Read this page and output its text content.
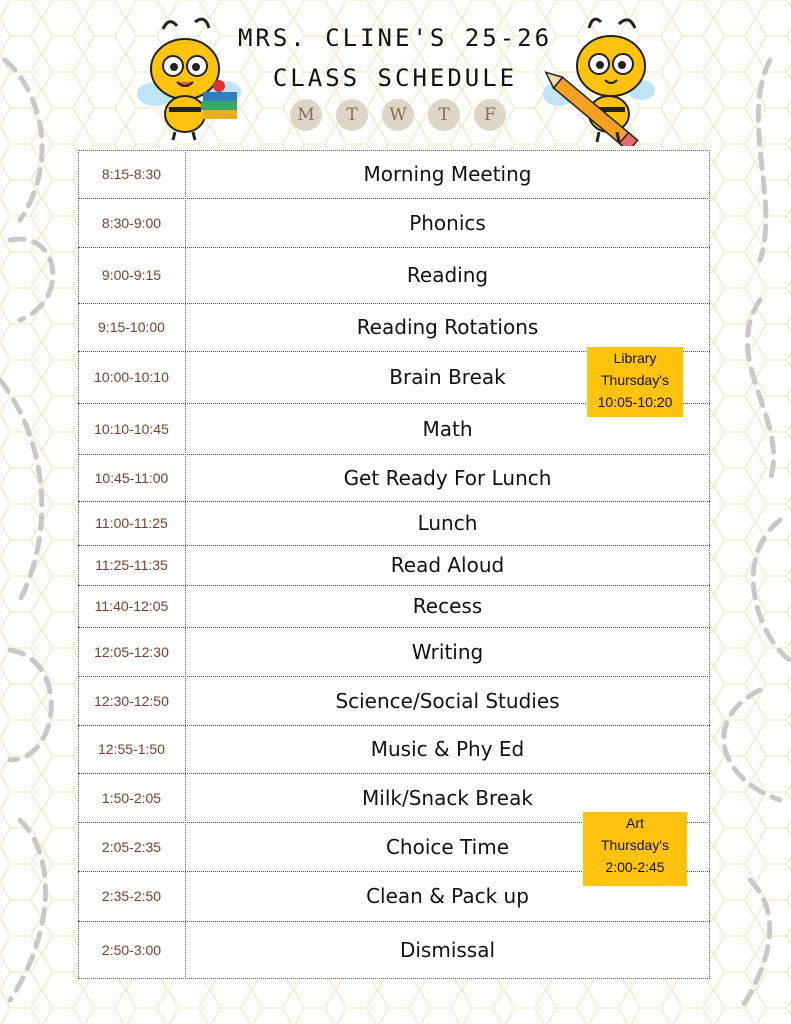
MRS. CLINE'S 25-26
CLASS SCHEDULE
M	T	W	T	F
8:15-8:30	Morning Meeting
8:30-9:00	Phonics
9:00-9:15	Reading
9:15-10:00	Reading Rotations
10:00-10:10	Brain Break
10:10-10:45	Math
10:45-11:00	Get Ready For Lunch
11:00-11:25	Lunch
11:25-11:35	Read Aloud
11:40-12:05	Recess
12:05-12:30	Writing
12:30-12:50	Science/Social Studies
12:55-1:50	Music & Phy Ed
1:50-2:05	Milk/Snack Break
2:05-2:35	Choice Time
2:35-2:50	Clean & Pack up
2:50-3:00	Dismissal
Library
Thursday's
10:05-10:20
Art
Thursday's
2:00-2:45
